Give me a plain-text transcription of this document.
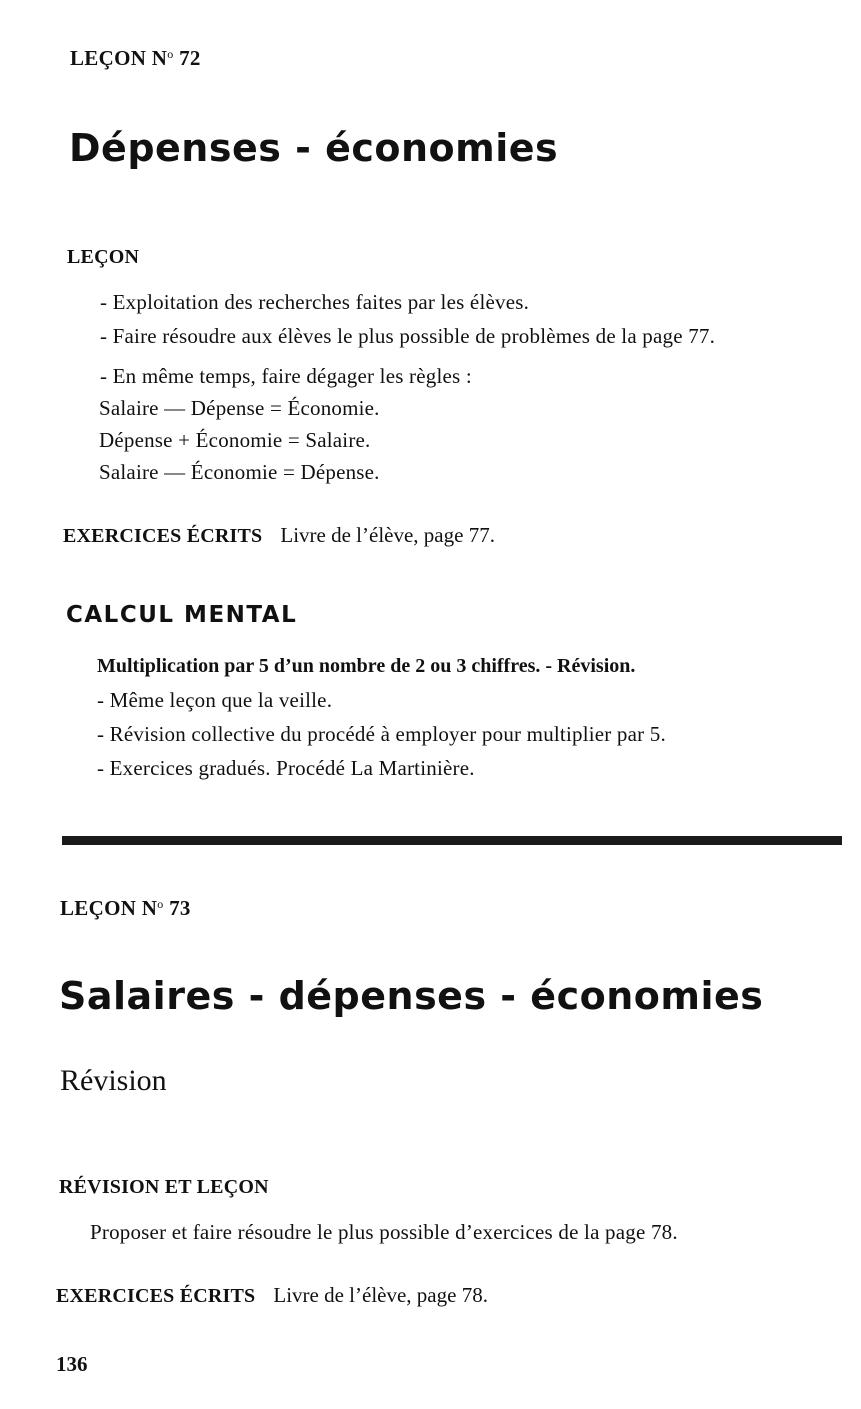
LEÇON $N^o$ 72
Dépenses - économies
LEÇON
- Exploitation des recherches faites par les élèves.
- Faire résoudre aux élèves le plus possible de problèmes de la page 77.
- En même temps, faire dégager les règles :
Salaire — Dépense = Économie.
Dépense + Économie = Salaire.
Salaire — Économie = Dépense.
EXERCICES ÉCRITS Livre de l’élève, page 77.
CALCUL MENTAL
Multiplication par 5 d’un nombre de 2 ou 3 chiffres. - Révision.
- Même leçon que la veille.
- Révision collective du procédé à employer pour multiplier par 5.
- Exercices gradués. Procédé La Martinière.
LEÇON $N^o$ 73
Salaires - dépenses - économies
Révision
RÉVISION ET LEÇON
Proposer et faire résoudre le plus possible d’exercices de la page 78.
EXERCICES ÉCRITS Livre de l’élève, page 78.
136
